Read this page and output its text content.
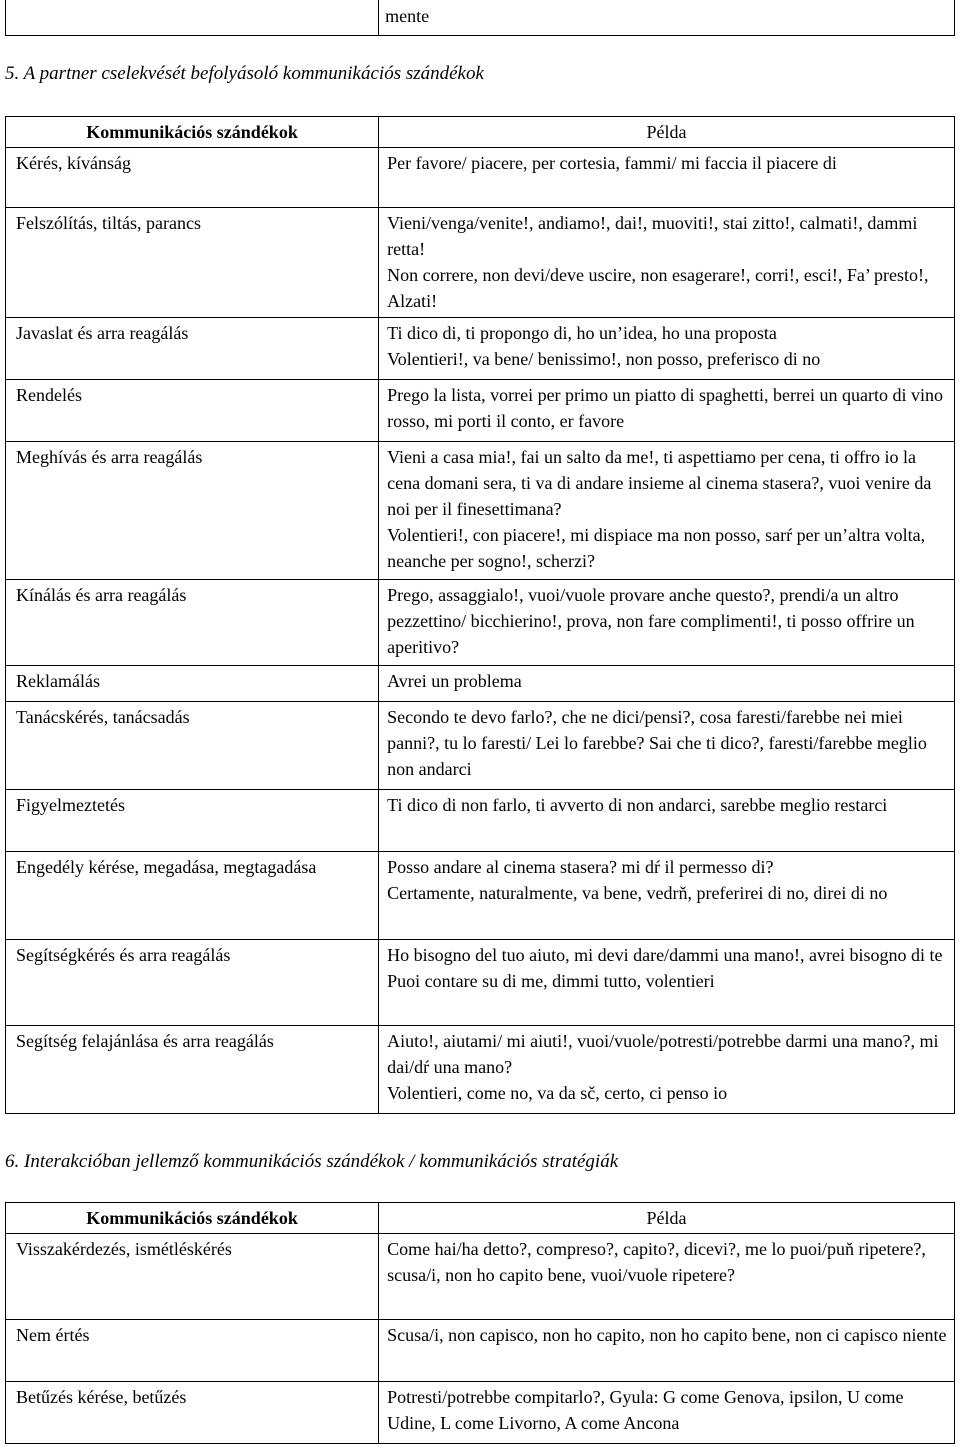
	mente
5. A partner cselekvését befolyásoló kommunikációs szándékok
Kommunikációs szándékok	Példa
Kérés, kívánság	Per favore/ piacere, per cortesia, fammi/ mi faccia il piacere di

Felszólítás, tiltás, parancs	Vieni/venga/venite!, andiamo!, dai!, muoviti!, stai zitto!, calmati!, dammi retta!
Non correre, non devi/deve uscire, non esagerare!, corri!, esci!, Fa’ presto!, Alzati!

Javaslat és arra reagálás	Ti dico di, ti propongo di, ho un’idea, ho una proposta
Volentieri!, va bene/ benissimo!, non posso, preferisco di no

Rendelés	Prego la lista, vorrei per primo un piatto di spaghetti, berrei un quarto di vino rosso, mi porti il conto, er favore

Meghívás és arra reagálás	Vieni a casa mia!, fai un salto da me!, ti aspettiamo per cena, ti offro io la cena domani sera, ti va di andare insieme al cinema stasera?, vuoi venire da noi per il finesettimana?
Volentieri!, con piacere!, mi dispiace ma non posso, sarŕ per un’altra volta, neanche per sogno!, scherzi?

Kínálás és arra reagálás	Prego, assaggialo!, vuoi/vuole provare anche questo?, prendi/a un altro pezzettino/ bicchierino!, prova, non fare complimenti!, ti posso offrire un aperitivo?

Reklamálás	Avrei un problema

Tanácskérés, tanácsadás	Secondo te devo farlo?, che ne dici/pensi?, cosa faresti/farebbe nei miei panni?, tu lo faresti/ Lei lo farebbe? Sai che ti dico?, faresti/farebbe meglio non andarci

Figyelmeztetés	Ti dico di non farlo, ti avverto di non andarci, sarebbe meglio restarci

Engedély kérése, megadása, megtagadása	Posso andare al cinema stasera? mi dŕ il permesso di?
Certamente, naturalmente, va bene, vedrň, preferirei di no, direi di no

Segítségkérés és arra reagálás	Ho bisogno del tuo aiuto, mi devi dare/dammi una mano!, avrei bisogno di te
Puoi contare su di me, dimmi tutto, volentieri

Segítség felajánlása és arra reagálás	Aiuto!, aiutami/ mi aiuti!, vuoi/vuole/potresti/potrebbe darmi una mano?, mi dai/dŕ una mano?
Volentieri, come no, va da sč, certo, ci penso io
6. Interakcióban jellemző kommunikációs szándékok / kommunikációs stratégiák
Kommunikációs szándékok	Példa
Visszakérdezés, ismétléskérés	Come hai/ha detto?, compreso?, capito?, dicevi?, me lo puoi/puň ripetere?, scusa/i, non ho capito bene, vuoi/vuole ripetere?

Nem értés	Scusa/i, non capisco, non ho capito, non ho capito bene, non ci capisco niente

Betűzés kérése, betűzés	Potresti/potrebbe compitarlo?, Gyula: G come Genova, ipsilon, U come Udine, L come Livorno, A come Ancona
